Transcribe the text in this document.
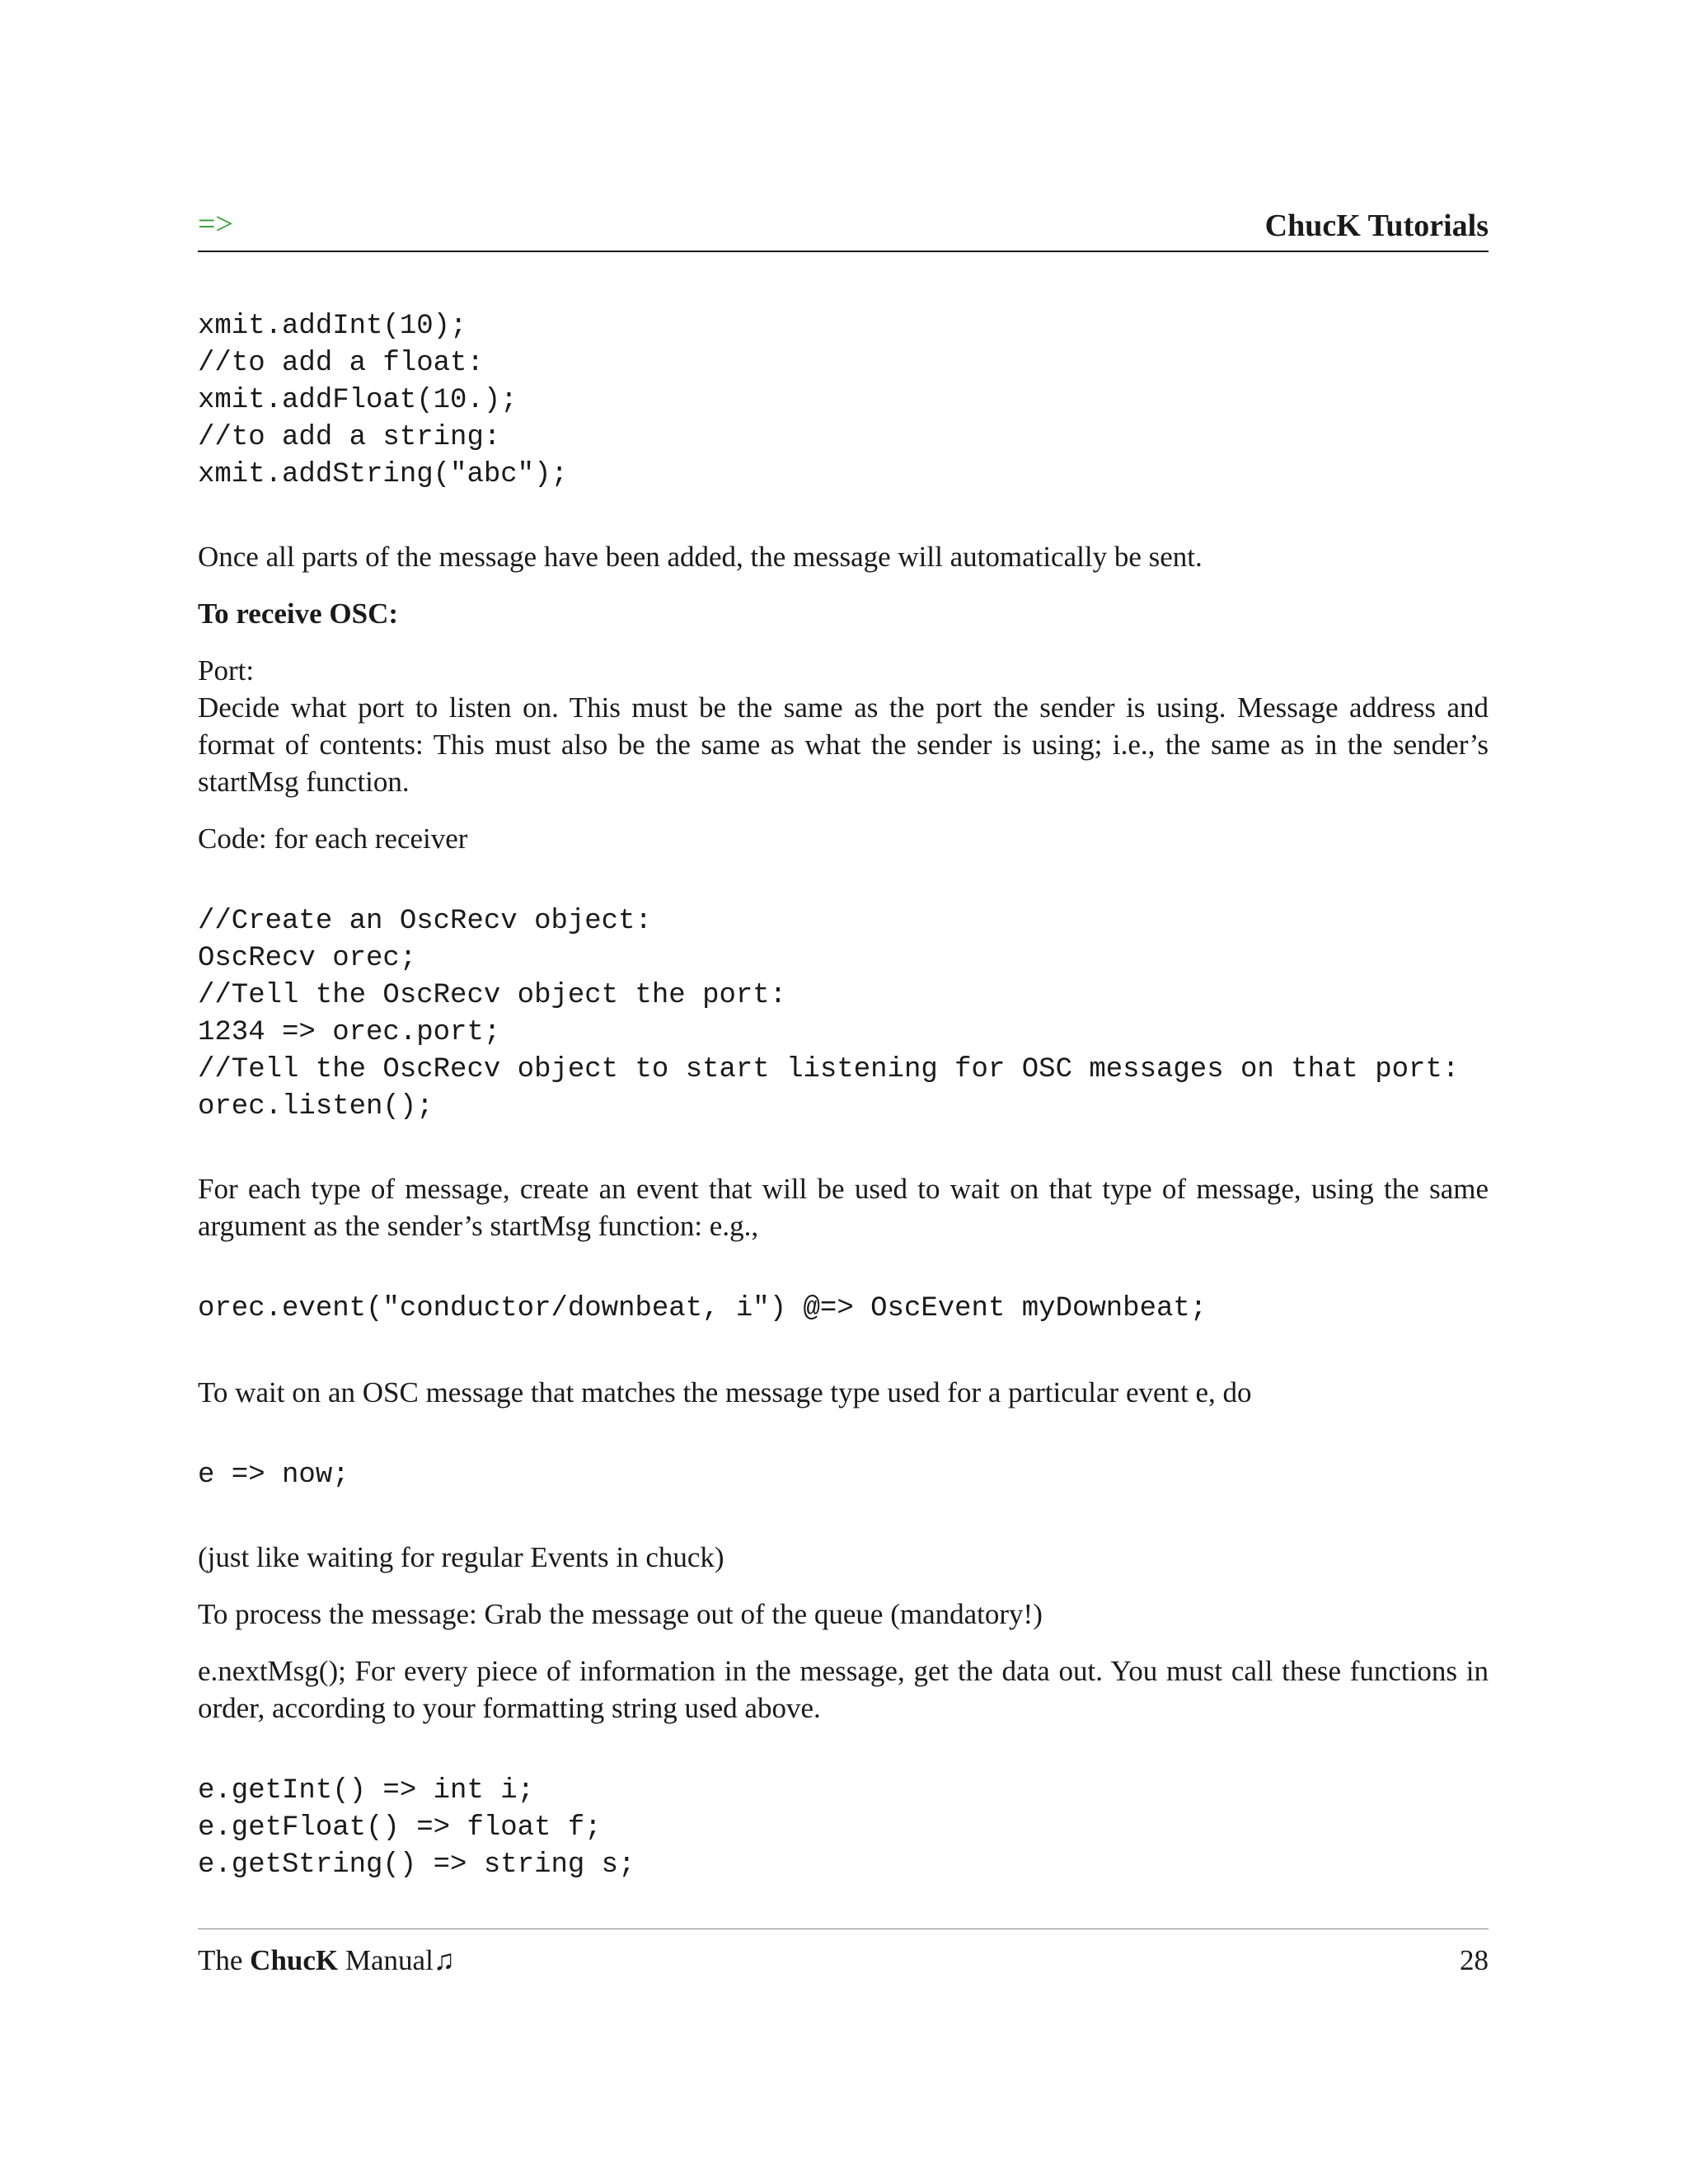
=>	ChucK Tutorials
xmit.addInt(10);
//to add a float:
xmit.addFloat(10.);
//to add a string:
xmit.addString("abc");

Once all parts of the message have been added, the message will automatically be sent.

To receive OSC:

Port:

Decide what port to listen on. This must be the same as the port the sender is using. Message address and format of contents: This must also be the same as what the sender is using; i.e., the same as in the sender’s startMsg function.

Code: for each receiver

//Create an OscRecv object:
OscRecv orec;
//Tell the OscRecv object the port:
1234 => orec.port;
//Tell the OscRecv object to start listening for OSC messages on that port:
orec.listen();

For each type of message, create an event that will be used to wait on that type of message, using the same argument as the sender’s startMsg function: e.g.,

orec.event("conductor/downbeat, i") @=> OscEvent myDownbeat;

To wait on an OSC message that matches the message type used for a particular event e, do

e => now;

(just like waiting for regular Events in chuck)

To process the message: Grab the message out of the queue (mandatory!)

e.nextMsg(); For every piece of information in the message, get the data out. You must call these functions in order, according to your formatting string used above.

e.getInt() => int i;
e.getFloat() => float f;
e.getString() => string s;
The ChucK Manual♫	28
